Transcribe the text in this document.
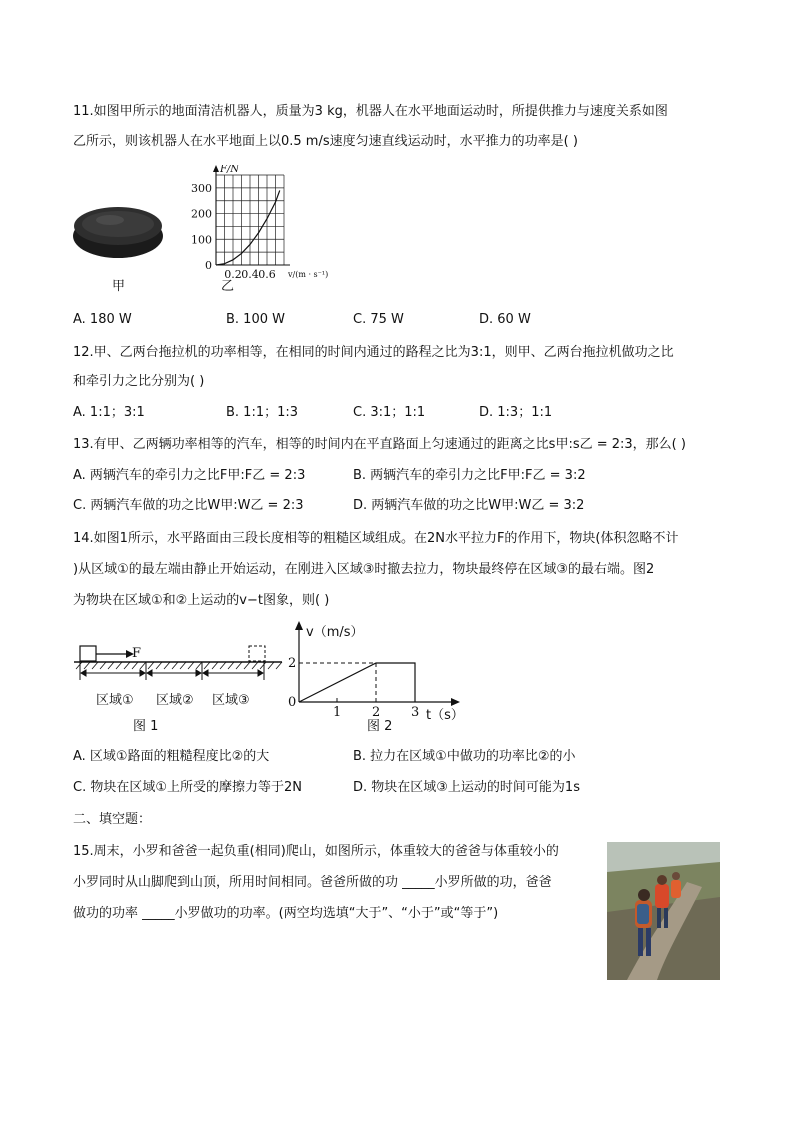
11.如图甲所示的地面清洁机器人，质量为3 kg，机器人在水平地面运动时，所提供推力与速度关系如图
乙所示，则该机器人在水平地面上以0.5 m/s速度匀速直线运动时，水平推力的功率是( )
甲
0
100
200
300
0.2 0.4 0.6
F/N
v/(m · s⁻¹)
乙
A. 180 W	B. 100 W	C. 75 W	D. 60 W
12.甲、乙两台拖拉机的功率相等，在相同的时间内通过的路程之比为3:1，则甲、乙两台拖拉机做功之比
和牵引力之比分别为( )
A. 1:1；3:1	B. 1:1；1:3	C. 3:1；1:1	D. 1:3；1:1
13.有甲、乙两辆功率相等的汽车，相等的时间内在平直路面上匀速通过的距离之比s甲:s乙 = 2:3，那么( )
A. 两辆汽车的牵引力之比F甲:F乙 = 2:3	B. 两辆汽车的牵引力之比F甲:F乙 = 3:2
C. 两辆汽车做的功之比W甲:W乙 = 2:3	D. 两辆汽车做的功之比W甲:W乙 = 3:2
14.如图1所示，水平路面由三段长度相等的粗糙区域组成。在2N水平拉力F的作用下，物块(体积忽略不计
)从区域①的最左端由静止开始运动，在刚进入区域③时撤去拉力，物块最终停在区域③的最右端。图2
为物块在区域①和②上运动的v−t图象，则( )
F
区域① 区域② 区域③
图 1
v（m/s）
2
0
1 2 3 t（s）
图 2
A. 区域①路面的粗糙程度比②的大	B. 拉力在区域①中做功的功率比②的小
C. 物块在区域①上所受的摩擦力等于2N	D. 物块在区域③上运动的时间可能为1s
二、填空题：
15.周末，小罗和爸爸一起负重(相同)爬山，如图所示，体重较大的爸爸与体重较小的
小罗同时从山脚爬到山顶，所用时间相同。爸爸所做的功 _____小罗所做的功，爸爸
做功的功率 _____小罗做功的功率。(两空均选填“大于”、“小于”或“等于”)
